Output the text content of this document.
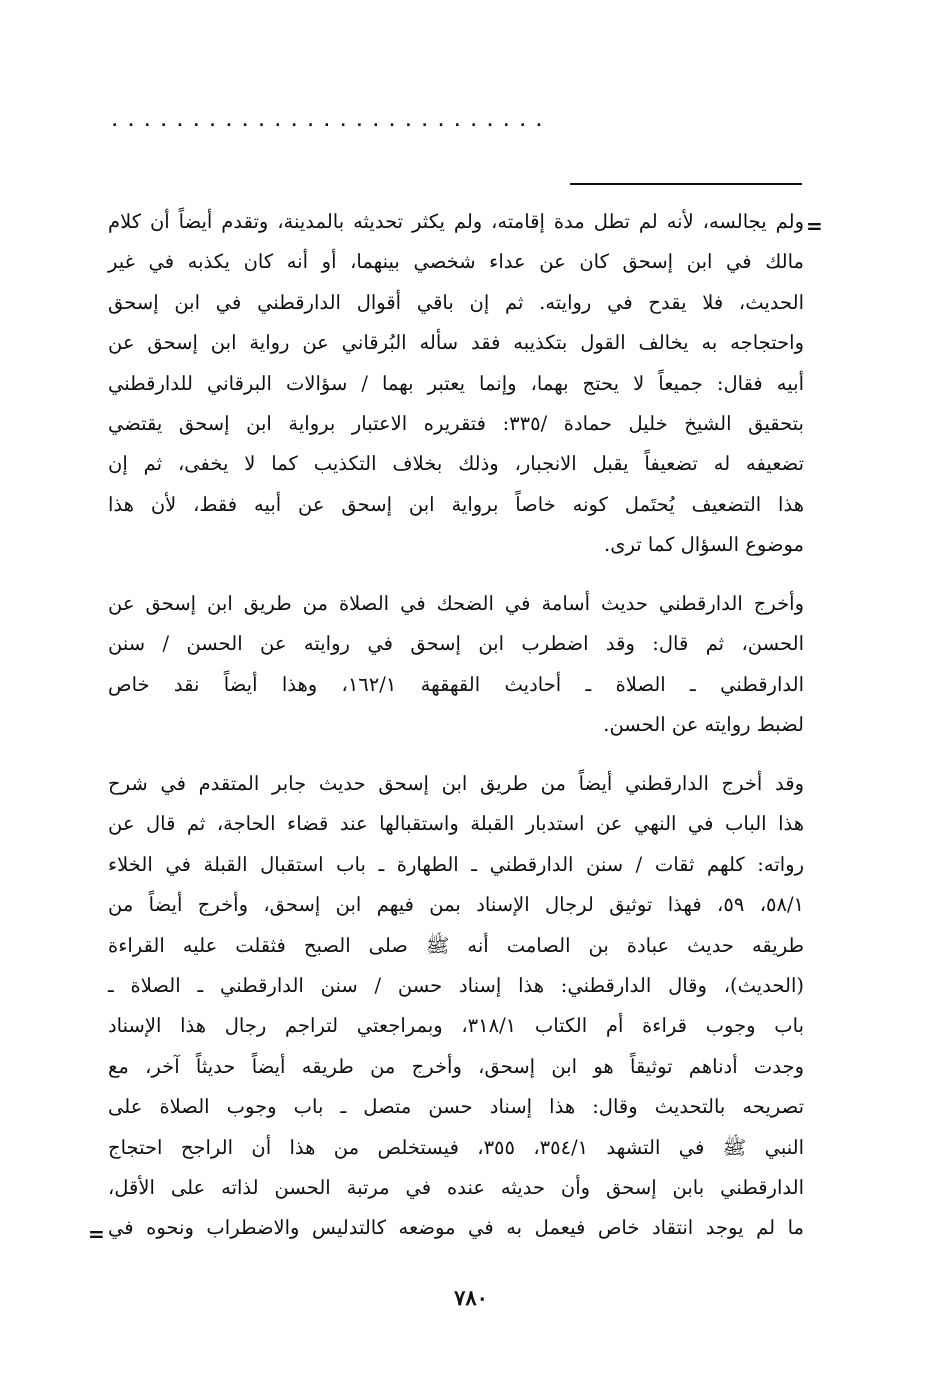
...........................
=
ولم يجالسه، لأنه لم تطل مدة إقامته، ولم يكثر تحديثه بالمدينة، وتقدم أيضاً أن كلام
مالك في ابن إسحق كان عن عداء شخصي بينهما، أو أنه كان يكذبه في غير
الحديث، فلا يقدح في روايته. ثم إن باقي أقوال الدارقطني في ابن إسحق
واحتجاجه به يخالف القول بتكذيبه فقد سأله البُرقاني عن رواية ابن إسحق عن
أبيه فقال: جميعاً لا يحتج بهما، وإنما يعتبر بهما / سؤالات البرقاني للدارقطني
بتحقيق الشيخ خليل حمادة /٣٣٥: فتقريره الاعتبار برواية ابن إسحق يقتضي
تضعيفه له تضعيفاً يقبل الانجبار، وذلك بخلاف التكذيب كما لا يخفى، ثم إن
هذا التضعيف يُحتَمل كونه خاصاً برواية ابن إسحق عن أبيه فقط، لأن هذا
موضوع السؤال كما ترى.
وأخرج الدارقطني حديث أسامة في الضحك في الصلاة من طريق ابن إسحق عن
الحسن، ثم قال: وقد اضطرب ابن إسحق في روايته عن الحسن / سنن
الدارقطني ـ الصلاة ـ أحاديث القهقهة ١٦٢/١، وهذا أيضاً نقد خاص
لضبط روايته عن الحسن.
وقد أخرج الدارقطني أيضاً من طريق ابن إسحق حديث جابر المتقدم في شرح
هذا الباب في النهي عن استدبار القبلة واستقبالها عند قضاء الحاجة، ثم قال عن
رواته: كلهم ثقات / سنن الدارقطني ـ الطهارة ـ باب استقبال القبلة في الخلاء
٥٨/١، ٥٩، فهذا توثيق لرجال الإسناد بمن فيهم ابن إسحق، وأخرج أيضاً من
طريقه حديث عبادة بن الصامت أنه ﷺ صلى الصبح فثقلت عليه القراءة
(الحديث)، وقال الدارقطني: هذا إسناد حسن / سنن الدارقطني ـ الصلاة ـ
باب وجوب قراءة أم الكتاب ٣١٨/١، وبمراجعتي لتراجم رجال هذا الإسناد
وجدت أدناهم توثيقاً هو ابن إسحق، وأخرج من طريقه أيضاً حديثاً آخر، مع
تصريحه بالتحديث وقال: هذا إسناد حسن متصل ـ باب وجوب الصلاة على
النبي ﷺ في التشهد ٣٥٤/١، ٣٥٥، فيستخلص من هذا أن الراجح احتجاج
الدارقطني بابن إسحق وأن حديثه عنده في مرتبة الحسن لذاته على الأقل،
ما لم يوجد انتقاد خاص فيعمل به في موضعه كالتدليس والاضطراب ونحوه في
=
٧٨٠
